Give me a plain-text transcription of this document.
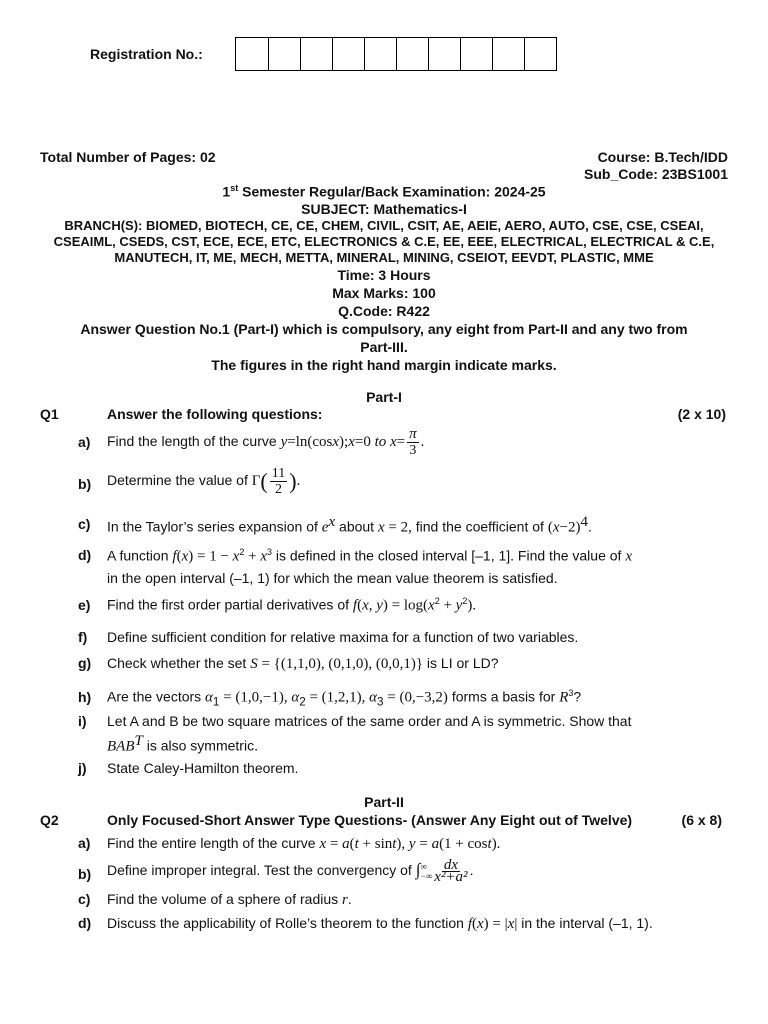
Registration No.:
Total Number of Pages: 02	Course: B.Tech/IDD
Sub_Code: 23BS1001
1st Semester Regular/Back Examination: 2024-25
SUBJECT: Mathematics-I
BRANCH(S): BIOMED, BIOTECH, CE, CE, CHEM, CIVIL, CSIT, AE, AEIE, AERO, AUTO, CSE, CSE, CSEAI,
CSEAIML, CSEDS, CST, ECE, ECE, ETC, ELECTRONICS & C.E, EE, EEE, ELECTRICAL, ELECTRICAL & C.E,
MANUTECH, IT, ME, MECH, METTA, MINERAL, MINING, CSEIOT, EEVDT, PLASTIC, MME
Time: 3 Hours
Max Marks: 100
Q.Code: R422
Answer Question No.1 (Part-I) which is compulsory, any eight from Part-II and any two from
Part-III.
The figures in the right hand margin indicate marks.
Part-I
Q1	Answer the following questions:	(2 x 10)
a) Find the length of the curve y=ln(cosx);x=0 to $x= \frac{\pi}{3}$ .
b) Determine the value of $\Gamma( \frac{11}{2}$ ).
c) In the Taylor’s series expansion of $e^x$ about x = 2, find the coefficient of $(x-2)^4$.
d) A function $f(x) = 1 - x^2 + x^3$ is defined in the closed interval [–1, 1]. Find the value of x
in the open interval (–1, 1) for which the mean value theorem is satisfied.
e) Find the first order partial derivatives of f(x, $y) = \log(x^2 + y^2)$.
f) Define sufficient condition for relative maxima for a function of two variables.
g) Check whether the set S = {(1,1,0), (0,1,0), (0,0,1)} is LI or LD?
h) Are the vectors $\alpha_1 = (1,0,-1)$, $\alpha_2 = (1,2,1)$, $\alpha_3 = (0,-3,2)$ forms a basis for $R^3$?
i) Let A and B be two square matrices of the same order and A is symmetric. Show that
$BAB^T$ is also symmetric.
j) State Caley-Hamilton theorem.
Part-II
Q2	Only Focused-Short Answer Type Questions- (Answer Any Eight out of Twelve)	(6 x 8)
a) Find the entire length of the curve x = a(t + sint), y = a(1 + cost).
b) Define improper integral. Test the convergency of $\int^\infty_{-\infty} \frac{dx}{\text{x²+a²}}$ .
c) Find the volume of a sphere of radius r.
d) Discuss the applicability of Rolle’s theorem to the function f(x) = |x| in the interval (–1, 1).
